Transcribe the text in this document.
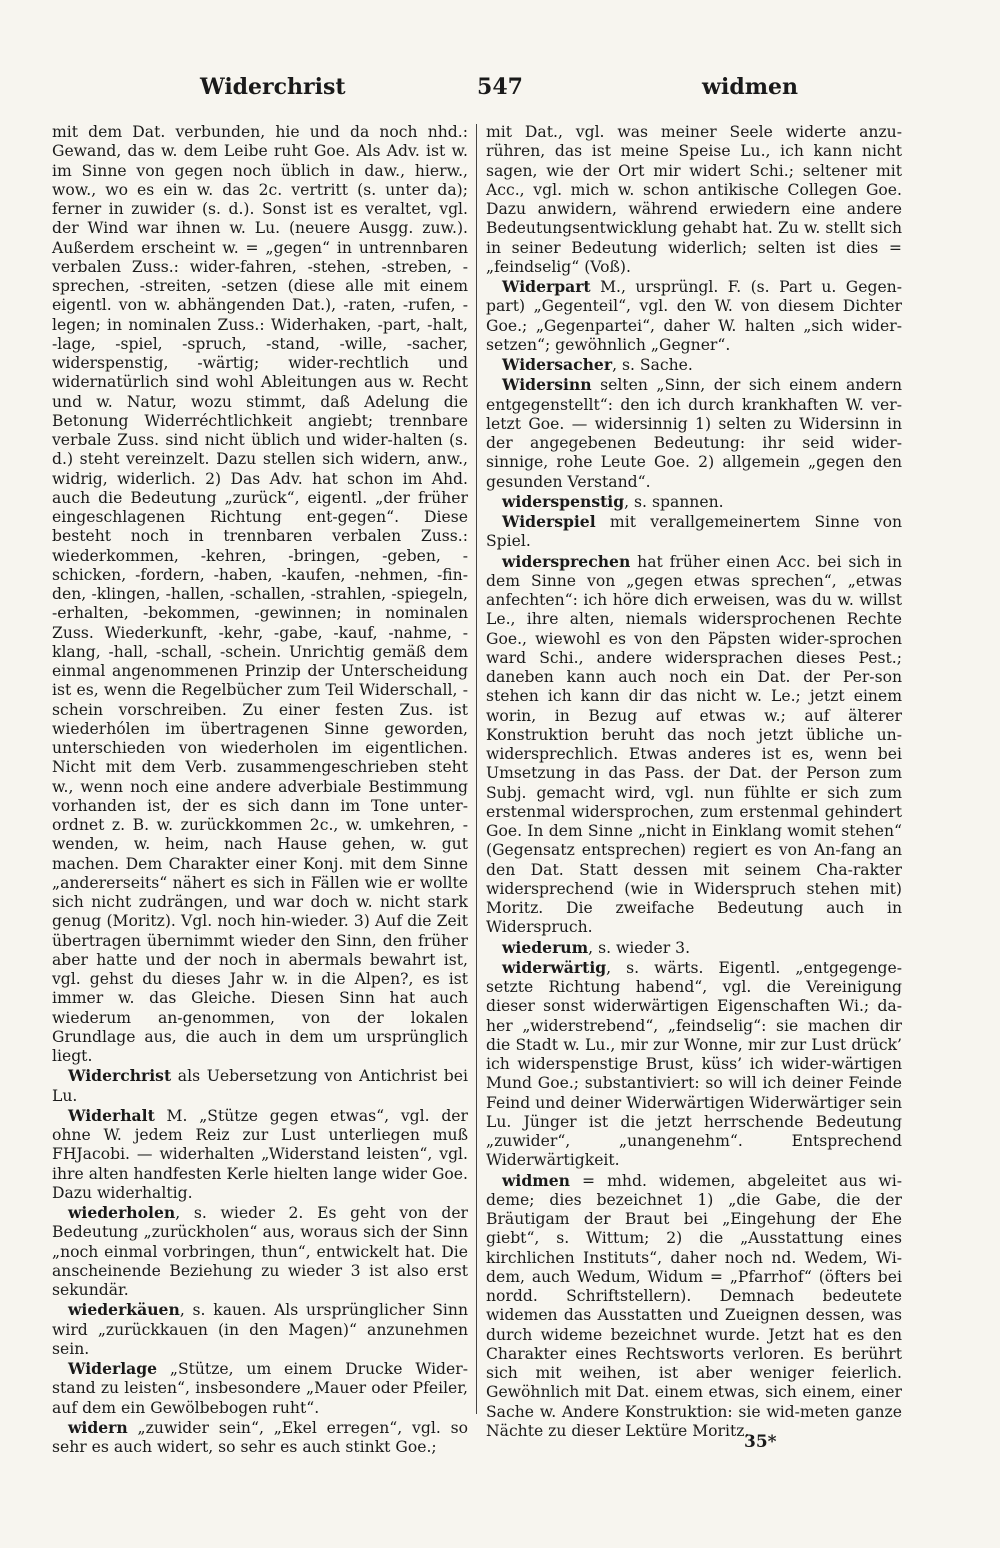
Widerchrist	547	widmen

mit dem Dat. verbunden, hie und da noch nhd.: Gewand, das w. dem Leibe ruht Goe. Als Adv. ist w. im Sinne von gegen noch üblich in daw., hierw., wow., wo es ein w. das 2c. vertritt (s. unter da); ferner in zuwider (s. d.). Sonst ist es veraltet, vgl. der Wind war ihnen w. Lu. (neuere Ausgg. zuw.). Außerdem erscheint w. = „gegen“ in untrennbaren verbalen Zuss.: wider-fahren, -stehen, -streben, -sprechen, -streiten, -setzen (diese alle mit einem eigentl. von w. abhängenden Dat.), -raten, -rufen, -legen; in nominalen Zuss.: Widerhaken, -part, -halt, -lage, -spiel, -spruch, -stand, -wille, -sacher, widerspenstig, -wärtig; wider-rechtlich und widernatürlich sind wohl Ableitungen aus w. Recht und w. Natur, wozu stimmt, daß Adelung die Betonung Widerréchtlichkeit angiebt; trennbare verbale Zuss. sind nicht üblich und wider-halten (s. d.) steht vereinzelt. Dazu stellen sich widern, anw., widrig, widerlich. 2) Das Adv. hat schon im Ahd. auch die Bedeutung „zurück“, eigentl. „der früher eingeschlagenen Richtung ent-gegen“. Diese besteht noch in trennbaren verbalen Zuss.: wiederkommen, -kehren, -bringen, -geben, -schicken, -fordern, -haben, -kaufen, -nehmen, -fin-den, -klingen, -hallen, -schallen, -strahlen, -spiegeln, -erhalten, -bekommen, -gewinnen; in nominalen Zuss. Wiederkunft, -kehr, -gabe, -kauf, -nahme, -klang, -hall, -schall, -schein. Unrichtig gemäß dem einmal angenommenen Prinzip der Unterscheidung ist es, wenn die Regelbücher zum Teil Widerschall, -schein vorschreiben. Zu einer festen Zus. ist wiederhólen im übertragenen Sinne geworden, unterschieden von wiederholen im eigentlichen. Nicht mit dem Verb. zusammengeschrieben steht w., wenn noch eine andere adverbiale Bestimmung vorhanden ist, der es sich dann im Tone unter-ordnet z. B. w. zurückkommen 2c., w. umkehren, -wenden, w. heim, nach Hause gehen, w. gut machen. Dem Charakter einer Konj. mit dem Sinne „andererseits“ nähert es sich in Fällen wie er wollte sich nicht zudrängen, und war doch w. nicht stark genug (Moritz). Vgl. noch hin-wieder. 3) Auf die Zeit übertragen übernimmt wieder den Sinn, den früher aber hatte und der noch in abermals bewahrt ist, vgl. gehst du dieses Jahr w. in die Alpen?, es ist immer w. das Gleiche. Diesen Sinn hat auch wiederum an-genommen, von der lokalen Grundlage aus, die auch in dem um ursprünglich liegt.

Widerchrist als Uebersetzung von Antichrist bei Lu.

Widerhalt M. „Stütze gegen etwas“, vgl. der ohne W. jedem Reiz zur Lust unterliegen muß FHJacobi. — widerhalten „Widerstand leisten“, vgl. ihre alten handfesten Kerle hielten lange wider Goe. Dazu widerhaltig.

wiederholen, s. wieder 2. Es geht von der Bedeutung „zurückholen“ aus, woraus sich der Sinn „noch einmal vorbringen, thun“, entwickelt hat. Die anscheinende Beziehung zu wieder 3 ist also erst sekundär.

wiederkäuen, s. kauen. Als ursprünglicher Sinn wird „zurückkauen (in den Magen)“ anzunehmen sein.

Widerlage „Stütze, um einem Drucke Wider-stand zu leisten“, insbesondere „Mauer oder Pfeiler, auf dem ein Gewölbebogen ruht“.

widern „zuwider sein“, „Ekel erregen“, vgl. so sehr es auch widert, so sehr es auch stinkt Goe.;

mit Dat., vgl. was meiner Seele widerte anzu-rühren, das ist meine Speise Lu., ich kann nicht sagen, wie der Ort mir widert Schi.; seltener mit Acc., vgl. mich w. schon antikische Collegen Goe. Dazu anwidern, während erwiedern eine andere Bedeutungsentwicklung gehabt hat. Zu w. stellt sich in seiner Bedeutung widerlich; selten ist dies = „feindselig“ (Voß).

Widerpart M., ursprüngl. F. (s. Part u. Gegen-part) „Gegenteil“, vgl. den W. von diesem Dichter Goe.; „Gegenpartei“, daher W. halten „sich wider-setzen“; gewöhnlich „Gegner“.

Widersacher, s. Sache.

Widersinn selten „Sinn, der sich einem andern entgegenstellt“: den ich durch krankhaften W. ver-letzt Goe. — widersinnig 1) selten zu Widersinn in der angegebenen Bedeutung: ihr seid wider-sinnige, rohe Leute Goe. 2) allgemein „gegen den gesunden Verstand“.

widerspenstig, s. spannen.

Widerspiel mit verallgemeinertem Sinne von Spiel.

widersprechen hat früher einen Acc. bei sich in dem Sinne von „gegen etwas sprechen“, „etwas anfechten“: ich höre dich erweisen, was du w. willst Le., ihre alten, niemals widersprochenen Rechte Goe., wiewohl es von den Päpsten wider-sprochen ward Schi., andere widersprachen dieses Pest.; daneben kann auch noch ein Dat. der Per-son stehen ich kann dir das nicht w. Le.; jetzt einem worin, in Bezug auf etwas w.; auf älterer Konstruktion beruht das noch jetzt übliche un-widersprechlich. Etwas anderes ist es, wenn bei Umsetzung in das Pass. der Dat. der Person zum Subj. gemacht wird, vgl. nun fühlte er sich zum erstenmal widersprochen, zum erstenmal gehindert Goe. In dem Sinne „nicht in Einklang womit stehen“ (Gegensatz entsprechen) regiert es von An-fang an den Dat. Statt dessen mit seinem Cha-rakter widersprechend (wie in Widerspruch stehen mit) Moritz. Die zweifache Bedeutung auch in Widerspruch.

wiederum, s. wieder 3.

widerwärtig, s. wärts. Eigentl. „entgegenge-setzte Richtung habend“, vgl. die Vereinigung dieser sonst widerwärtigen Eigenschaften Wi.; da-her „widerstrebend“, „feindselig“: sie machen dir die Stadt w. Lu., mir zur Wonne, mir zur Lust drück’ ich widerspenstige Brust, küss’ ich wider-wärtigen Mund Goe.; substantiviert: so will ich deiner Feinde Feind und deiner Widerwärtigen Widerwärtiger sein Lu. Jünger ist die jetzt herrschende Bedeutung „zuwider“, „unangenehm“. Entsprechend Widerwärtigkeit.

widmen = mhd. widemen, abgeleitet aus wi-deme; dies bezeichnet 1) „die Gabe, die der Bräutigam der Braut bei „Eingehung der Ehe giebt“, s. Wittum; 2) die „Ausstattung eines kirchlichen Instituts“, daher noch nd. Wedem, Wi-dem, auch Wedum, Widum = „Pfarrhof“ (öfters bei nordd. Schriftstellern). Demnach bedeutete widemen das Ausstatten und Zueignen dessen, was durch wideme bezeichnet wurde. Jetzt hat es den Charakter eines Rechtsworts verloren. Es berührt sich mit weihen, ist aber weniger feierlich. Gewöhnlich mit Dat. einem etwas, sich einem, einer Sache w. Andere Konstruktion: sie wid-meten ganze Nächte zu dieser Lektüre Moritz.

35*
